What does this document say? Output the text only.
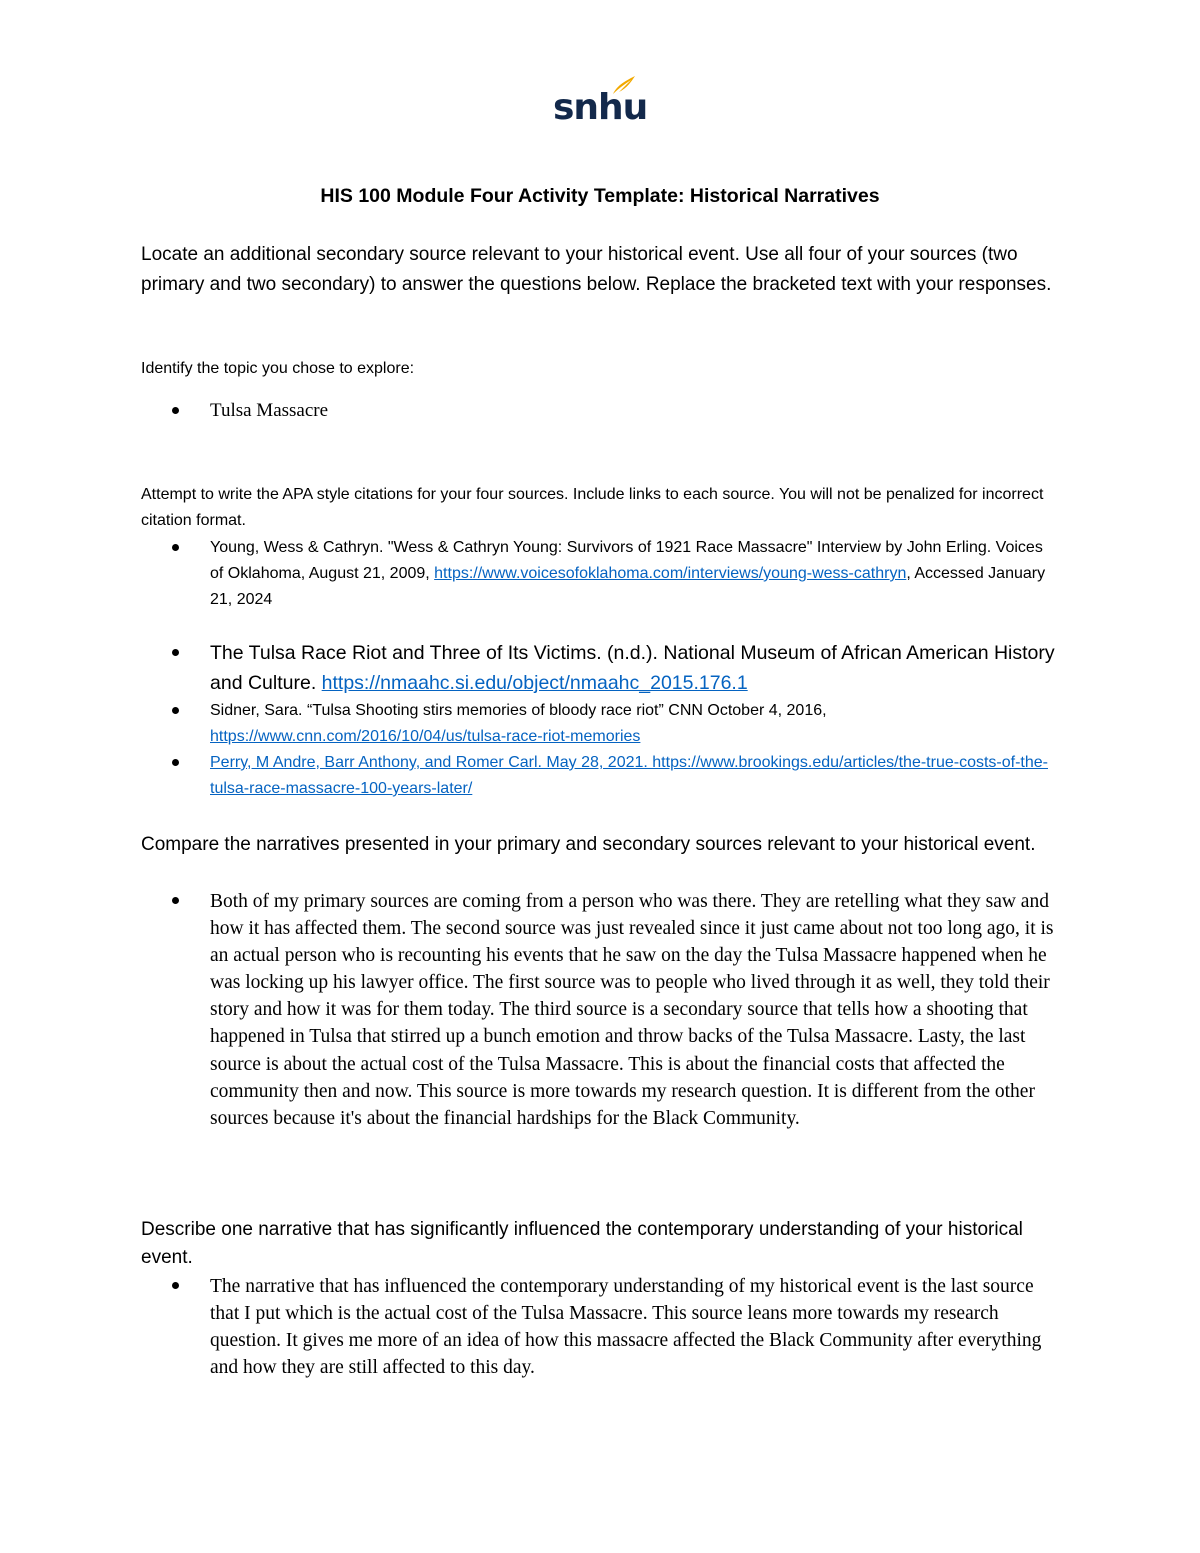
snhu
HIS 100 Module Four Activity Template: Historical Narratives
Locate an additional secondary source relevant to your historical event. Use all four of your sources (two primary and two secondary) to answer the questions below. Replace the bracketed text with your responses.
Identify the topic you chose to explore:
Tulsa Massacre
Attempt to write the APA style citations for your four sources. Include links to each source. You will not be penalized for incorrect citation format.
Young, Wess & Cathryn. "Wess & Cathryn Young: Survivors of 1921 Race Massacre" Interview by John Erling. Voices of Oklahoma, August 21, 2009, https://www.voicesofoklahoma.com/interviews/young-wess-cathryn, Accessed January 21, 2024
The Tulsa Race Riot and Three of Its Victims. (n.d.). National Museum of African American History and Culture. https://nmaahc.si.edu/object/nmaahc_2015.176.1
Sidner, Sara. “Tulsa Shooting stirs memories of bloody race riot” CNN October 4, 2016, https://www.cnn.com/2016/10/04/us/tulsa-race-riot-memories
Perry, M Andre, Barr Anthony, and Romer Carl. May 28, 2021. https://www.brookings.edu/articles/the-true-costs-of-the-tulsa-race-massacre-100-years-later/
Compare the narratives presented in your primary and secondary sources relevant to your historical event.
Both of my primary sources are coming from a person who was there. They are retelling what they saw and how it has affected them. The second source was just revealed since it just came about not too long ago, it is an actual person who is recounting his events that he saw on the day the Tulsa Massacre happened when he was locking up his lawyer office. The first source was to people who lived through it as well, they told their story and how it was for them today. The third source is a secondary source that tells how a shooting that happened in Tulsa that stirred up a bunch emotion and throw backs of the Tulsa Massacre. Lasty, the last source is about the actual cost of the Tulsa Massacre. This is about the financial costs that affected the community then and now. This source is more towards my research question. It is different from the other sources because it's about the financial hardships for the Black Community.
Describe one narrative that has significantly influenced the contemporary understanding of your historical event.
The narrative that has influenced the contemporary understanding of my historical event is the last source that I put which is the actual cost of the Tulsa Massacre. This source leans more towards my research question. It gives me more of an idea of how this massacre affected the Black Community after everything and how they are still affected to this day.
